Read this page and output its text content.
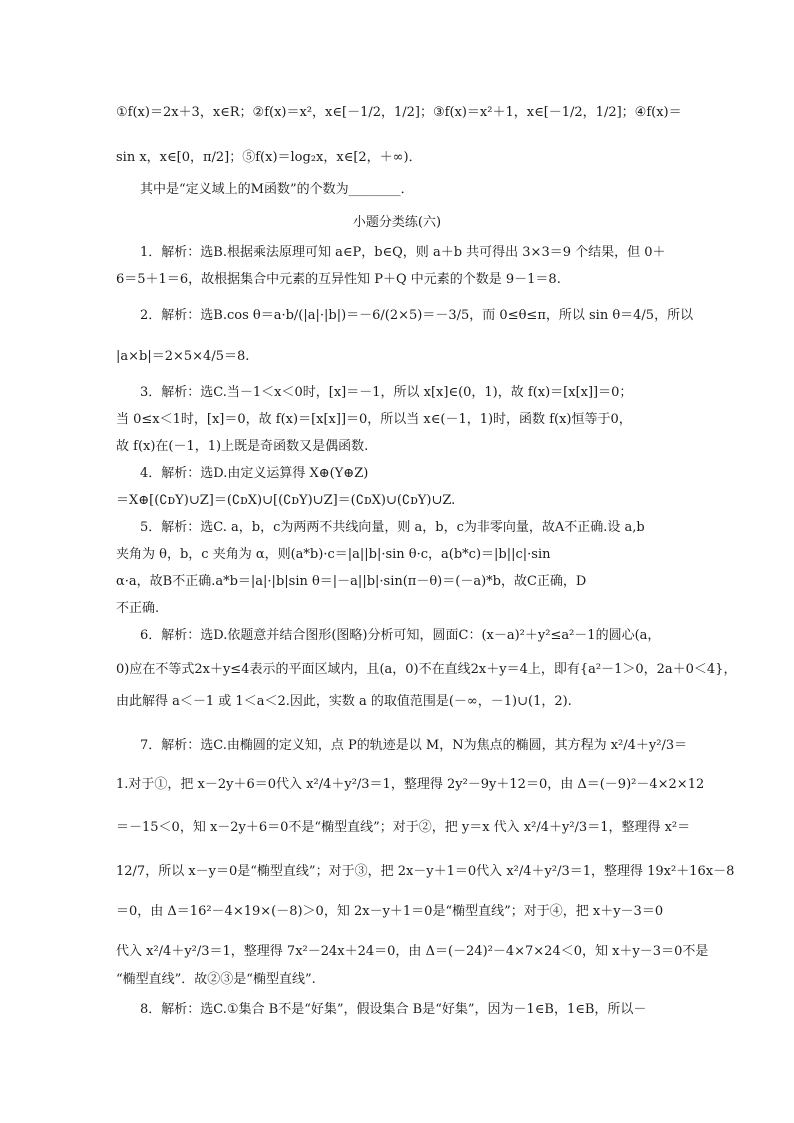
①f(x)＝2x＋3，x∈R；②f(x)＝x²，x∈[－1/2，1/2]；③f(x)＝x²＋1，x∈[－1/2，1/2]；④f(x)＝
sin x，x∈[0，π/2]；⑤f(x)＝log₂x，x∈[2，＋∞)．
其中是“定义域上的M函数”的个数为________．
小题分类练(六)
1．解析：选B.根据乘法原理可知 a∈P，b∈Q，则 a＋b 共可得出 3×3＝9 个结果，但 0＋
6＝5＋1＝6，故根据集合中元素的互异性知 P＋Q 中元素的个数是 9－1＝8.
2．解析：选B.cos θ＝a·b/(|a|·|b|)＝－6/(2×5)＝－3/5，而 0≤θ≤π，所以 sin θ＝4/5，所以
|a×b|＝2×5×4/5＝8.
3．解析：选C.当－1＜x＜0时，[x]＝－1，所以 x[x]∈(0，1)，故 f(x)＝[x[x]]＝0；
当 0≤x＜1时，[x]＝0，故 f(x)＝[x[x]]＝0，所以当 x∈(－1，1)时，函数 f(x)恒等于0，
故 f(x)在(－1，1)上既是奇函数又是偶函数.
4．解析：选D.由定义运算得 X⊕(Y⊕Z)
＝X⊕[(∁ᴅY)∪Z]＝(∁ᴅX)∪[(∁ᴅY)∪Z]＝(∁ᴅX)∪(∁ᴅY)∪Z.
5．解析：选C. a，b，c为两两不共线向量，则 a，b，c为非零向量，故A不正确.设 a,b
夹角为 θ，b，c 夹角为 α，则(a*b)·c＝|a||b|·sin θ·c，a(b*c)＝|b||c|·sin
α·a，故B不正确.a*b＝|a|·|b|sin θ＝|－a||b|·sin(π－θ)＝(－a)*b，故C正确，D
不正确.
6．解析：选D.依题意并结合图形(图略)分析可知，圆面C：(x－a)²＋y²≤a²－1的圆心(a，
0)应在不等式2x＋y≤4表示的平面区域内，且(a，0)不在直线2x＋y＝4上，即有{a²－1＞0，2a＋0＜4}，
由此解得 a＜－1 或 1＜a＜2.因此，实数 a 的取值范围是(－∞，－1)∪(1，2).
7．解析：选C.由椭圆的定义知，点 P的轨迹是以 M，N为焦点的椭圆，其方程为 x²/4＋y²/3＝
1.对于①，把 x－2y＋6＝0代入 x²/4＋y²/3＝1，整理得 2y²－9y＋12＝0，由 Δ＝(－9)²－4×2×12
＝－15＜0，知 x－2y＋6＝0不是“椭型直线”；对于②，把 y＝x 代入 x²/4＋y²/3＝1，整理得 x²＝
12/7，所以 x－y＝0是“椭型直线”；对于③，把 2x－y＋1＝0代入 x²/4＋y²/3＝1，整理得 19x²＋16x－8
＝0，由 Δ＝16²－4×19×(－8)＞0，知 2x－y＋1＝0是“椭型直线”；对于④，把 x＋y－3＝0
代入 x²/4＋y²/3＝1，整理得 7x²－24x＋24＝0，由 Δ＝(－24)²－4×7×24＜0，知 x＋y－3＝0不是
“椭型直线”．故②③是“椭型直线”.
8．解析：选C.①集合 B不是“好集”，假设集合 B是“好集”，因为－1∈B，1∈B，所以－
